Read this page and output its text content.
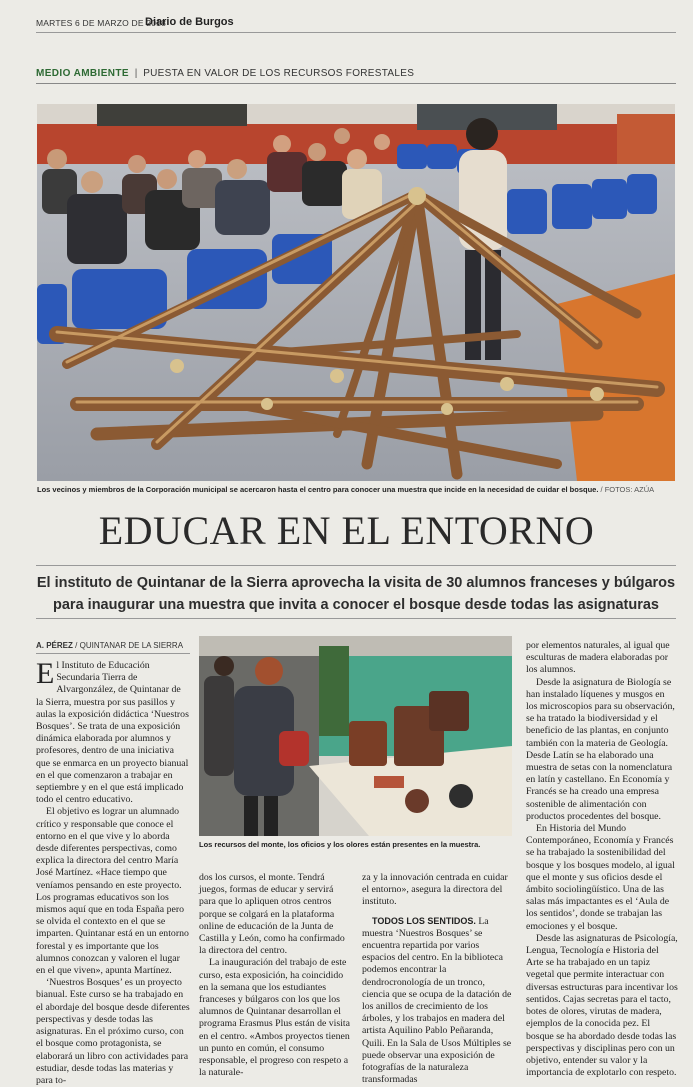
MARTES 6 DE MARZO DE 2018
Diario de Burgos
MEDIO AMBIENTE | PUESTA EN VALOR DE LOS RECURSOS FORESTALES
Los vecinos y miembros de la Corporación municipal se acercaron hasta el centro para conocer una muestra que incide en la necesidad de cuidar el bosque. / FOTOS: AZÚA
EDUCAR EN EL ENTORNO
El instituto de Quintanar de la Sierra aprovecha la visita de 30 alumnos franceses y búlgaros
para inaugurar una muestra que invita a conocer el bosque desde todas las asignaturas
A. PÉREZ / QUINTANAR DE LA SIERRA

El Instituto de Educación Secundaria Tierra de Alvargonzález, de Quintanar de la Sierra, muestra por sus pasillos y aulas la exposición didáctica ‘Nuestros Bosques’. Se trata de una exposición dinámica elaborada por alumnos y profesores, dentro de una iniciativa que se enmarca en un proyecto bianual en el que comenzaron a trabajar en septiembre y en el que está implicado todo el centro educativo.

El objetivo es lograr un alumnado crítico y responsable que conoce el entorno en el que vive y lo aborda desde diferentes perspectivas, como explica la directora del centro María José Martínez. «Hace tiempo que veníamos pensando en este proyecto. Los programas educativos son los mismos aquí que en toda España pero se olvida el contexto en el que se imparten. Quintanar está en un entorno forestal y es importante que los alumnos conozcan y valoren el lugar en el que viven», apunta Martínez.

‘Nuestros Bosques’ es un proyecto bianual. Este curso se ha trabajado en el abordaje del bosque desde diferentes perspectivas y desde todas las asignaturas. En el próximo curso, con el bosque como protagonista, se elaborará un libro con actividades para estudiar, desde todas las materias y para to-

Los recursos del monte, los oficios y los olores están presentes en la muestra.

dos los cursos, el monte. Tendrá juegos, formas de educar y servirá para que lo apliquen otros centros porque se colgará en la plataforma online de educación de la Junta de Castilla y León, como ha confirmado la directora del centro.

La inauguración del trabajo de este curso, esta exposición, ha coincidido en la semana que los estudiantes franceses y búlgaros con los que los alumnos de Quintanar desarrollan el programa Erasmus Plus están de visita en el centro. «Ambos proyectos tienen un punto en común, el consumo responsable, el progreso con respeto a la naturale-

za y la innovación centrada en cuidar el entorno», asegura la directora del instituto.

TODOS LOS SENTIDOS. La muestra ‘Nuestros Bosques’ se encuentra repartida por varios espacios del centro. En la biblioteca podemos encontrar la dendrocronología de un tronco, ciencia que se ocupa de la datación de los anillos de crecimiento de los árboles, y los trabajos en madera del artista Aquilino Pablo Peñaranda, Quili. En la Sala de Usos Múltiples se puede observar una exposición de fotografías de la naturaleza transformadas

por elementos naturales, al igual que esculturas de madera elaboradas por los alumnos.

Desde la asignatura de Biología se han instalado líquenes y musgos en los microscopios para su observación, se ha tratado la biodiversidad y el beneficio de las plantas, en conjunto también con la materia de Geología. Desde Latín se ha elaborado una muestra de setas con la nomenclatura en latín y castellano. En Economía y Francés se ha creado una empresa sostenible de alimentación con productos procedentes del bosque.

En Historia del Mundo Contemporáneo, Economía y Francés se ha trabajado la sostenibilidad del bosque y los bosques modelo, al igual que el monte y sus oficios desde el ámbito sociolingüístico. Una de las salas más impactantes es el ‘Aula de los sentidos’, donde se trabajan las emociones y el bosque.

Desde las asignaturas de Psicología, Lengua, Tecnología e Historia del Arte se ha trabajado en un tapiz vegetal que permite interactuar con diversas estructuras para incentivar los sentidos. Cajas secretas para el tacto, botes de olores, virutas de madera, ejemplos de la conocida pez. El bosque se ha abordado desde todas las perspectivas y disciplinas pero con un objetivo, entender su valor y la importancia de explotarlo con respeto.
